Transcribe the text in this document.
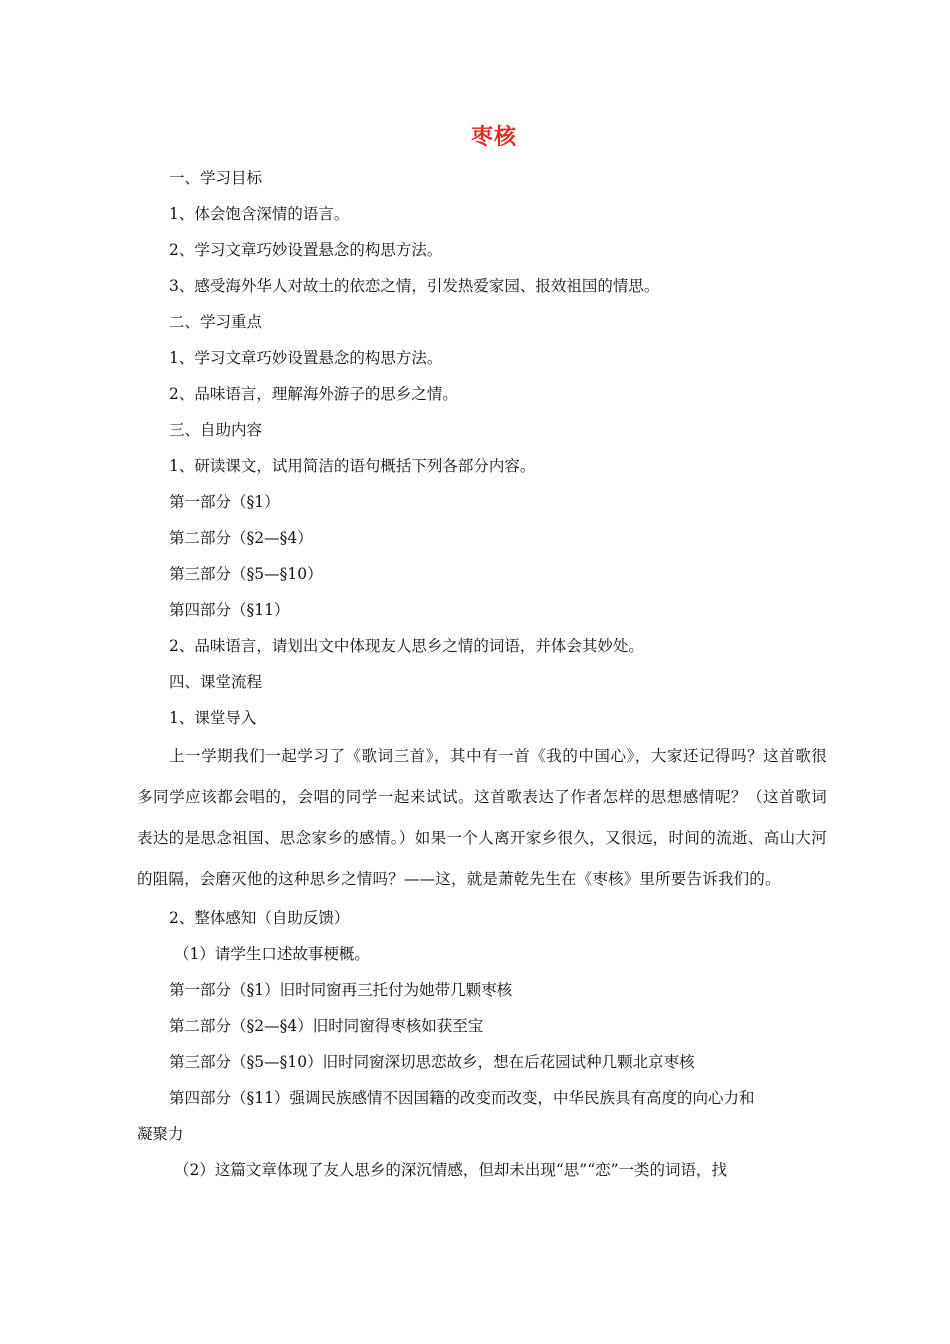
枣核

一、学习目标

1、体会饱含深情的语言。

2、学习文章巧妙设置悬念的构思方法。

3、感受海外华人对故土的依恋之情，引发热爱家园、报效祖国的情思。

二、学习重点

1、学习文章巧妙设置悬念的构思方法。

2、品味语言，理解海外游子的思乡之情。

三、自助内容

1、研读课文，试用简洁的语句概括下列各部分内容。

第一部分（§1）

第二部分（§2—§4）

第三部分（§5—§10）

第四部分（§11）

2、品味语言，请划出文中体现友人思乡之情的词语，并体会其妙处。

四、课堂流程

1、课堂导入

上一学期我们一起学习了《歌词三首》，其中有一首《我的中国心》，大家还记得吗？这首歌很多同学应该都会唱的，会唱的同学一起来试试。这首歌表达了作者怎样的思想感情呢？（这首歌词表达的是思念祖国、思念家乡的感情。）如果一个人离开家乡很久，又很远，时间的流逝、高山大河的阻隔，会磨灭他的这种思乡之情吗？——这，就是萧乾先生在《枣核》里所要告诉我们的。

2、整体感知（自助反馈）

（1）请学生口述故事梗概。

第一部分（§1）旧时同窗再三托付为她带几颗枣核

第二部分（§2—§4）旧时同窗得枣核如获至宝

第三部分（§5—§10）旧时同窗深切思恋故乡，想在后花园试种几颗北京枣核

第四部分（§11）强调民族感情不因国籍的改变而改变，中华民族具有高度的向心力和

凝聚力

（2）这篇文章体现了友人思乡的深沉情感，但却未出现“思”“恋”一类的词语，找
